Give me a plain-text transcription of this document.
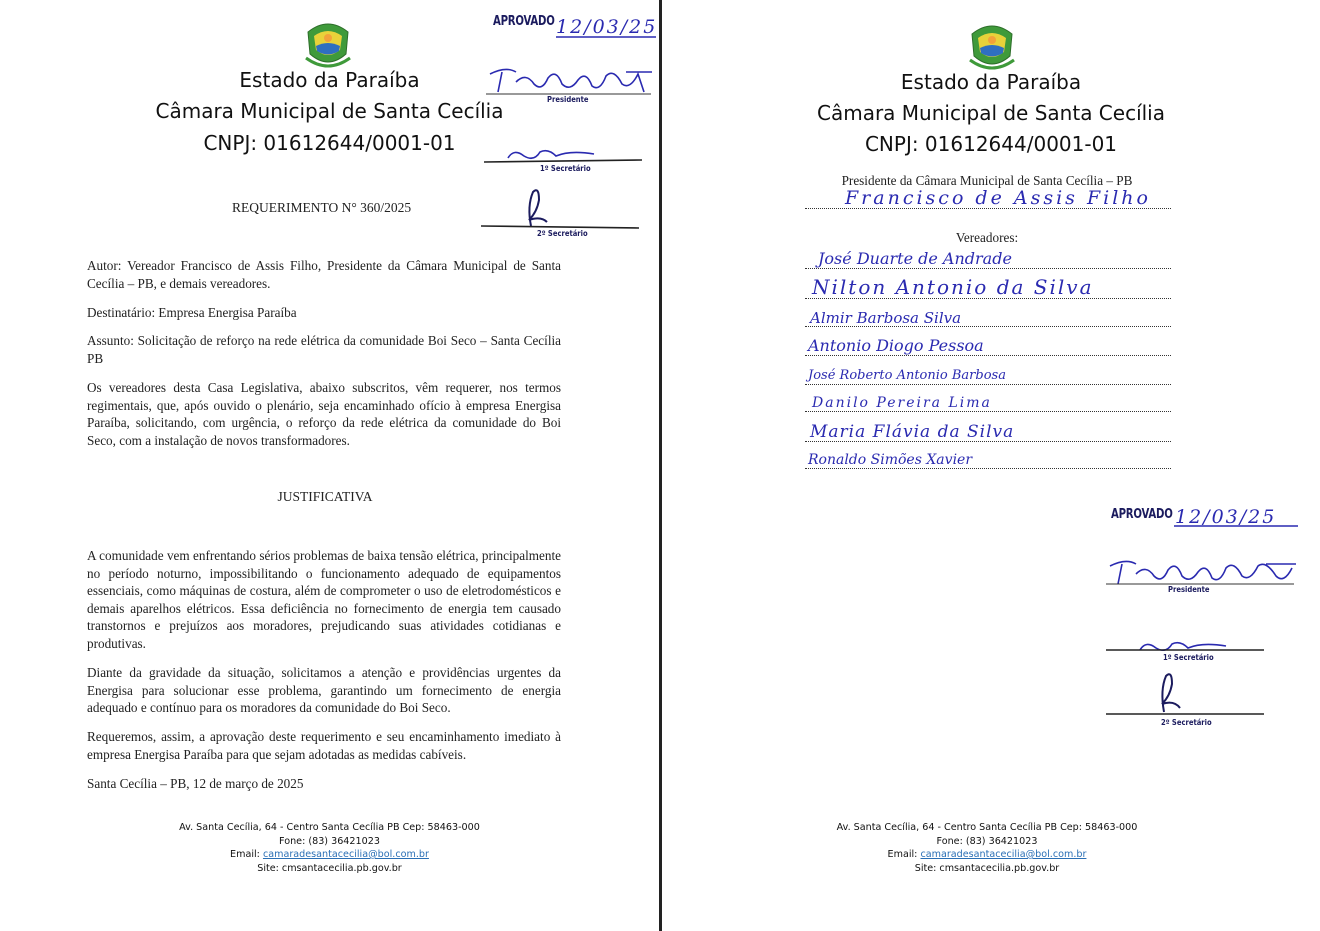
Estado da Paraíba
Câmara Municipal de Santa Cecília
CNPJ: 01612644/0001-01
APROVADO 12/03/25
Presidente
1º Secretário
2º Secretário
REQUERIMENTO N° 360/2025
Autor: Vereador Francisco de Assis Filho, Presidente da Câmara Municipal de Santa Cecília – PB, e demais vereadores.
Destinatário: Empresa Energisa Paraíba
Assunto: Solicitação de reforço na rede elétrica da comunidade Boi Seco – Santa Cecília PB
Os vereadores desta Casa Legislativa, abaixo subscritos, vêm requerer, nos termos regimentais, que, após ouvido o plenário, seja encaminhado ofício à empresa Energisa Paraíba, solicitando, com urgência, o reforço da rede elétrica da comunidade do Boi Seco, com a instalação de novos transformadores.
JUSTIFICATIVA
A comunidade vem enfrentando sérios problemas de baixa tensão elétrica, principalmente no período noturno, impossibilitando o funcionamento adequado de equipamentos essenciais, como máquinas de costura, além de comprometer o uso de eletrodomésticos e demais aparelhos elétricos. Essa deficiência no fornecimento de energia tem causado transtornos e prejuízos aos moradores, prejudicando suas atividades cotidianas e produtivas.
Diante da gravidade da situação, solicitamos a atenção e providências urgentes da Energisa para solucionar esse problema, garantindo um fornecimento de energia adequado e contínuo para os moradores da comunidade do Boi Seco.
Requeremos, assim, a aprovação deste requerimento e seu encaminhamento imediato à empresa Energisa Paraíba para que sejam adotadas as medidas cabíveis.
Santa Cecília – PB, 12 de março de 2025
Av. Santa Cecília, 64 - Centro Santa Cecília PB Cep: 58463-000
Fone: (83) 36421023
Email: camaradesantacecilia@bol.com.br
Site: cmsantacecilia.pb.gov.br
Estado da Paraíba
Câmara Municipal de Santa Cecília
CNPJ: 01612644/0001-01
Presidente da Câmara Municipal de Santa Cecília – PB
Vereadores:
Francisco de Assis Filho
José Duarte de Andrade
Nilton Antonio da Silva
Almir Barbosa Silva
Antonio Diogo Pessoa
José Roberto Antonio Barbosa
Danilo Pereira Lima
Maria Flávia da Silva
Ronaldo Simões Xavier
APROVADO 12/03/25
Presidente
1º Secretário
2º Secretário
Av. Santa Cecília, 64 - Centro Santa Cecília PB Cep: 58463-000
Fone: (83) 36421023
Email: camaradesantacecilia@bol.com.br
Site: cmsantacecilia.pb.gov.br
